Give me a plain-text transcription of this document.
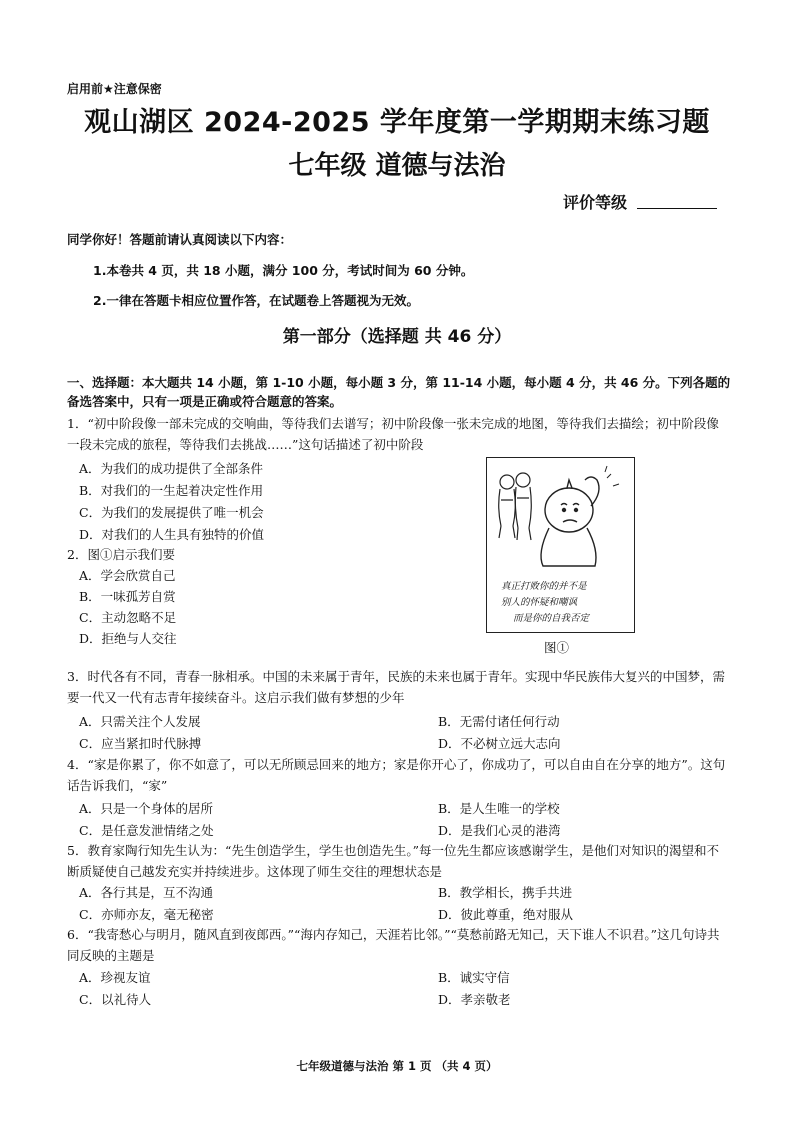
启用前★注意保密
观山湖区 2024-2025 学年度第一学期期末练习题
七年级 道德与法治
评价等级
同学你好！答题前请认真阅读以下内容：
1.本卷共 4 页，共 18 小题，满分 100 分，考试时间为 60 分钟。
2.一律在答题卡相应位置作答，在试题卷上答题视为无效。
第一部分（选择题 共 46 分）
一、选择题：本大题共 14 小题，第 1-10 小题，每小题 3 分，第 11-14 小题，每小题 4 分，共 46 分。下列各题的备选答案中，只有一项是正确或符合题意的答案。
1．“初中阶段像一部未完成的交响曲，等待我们去谱写；初中阶段像一张未完成的地图，等待我们去描绘；初中阶段像一段未完成的旅程，等待我们去挑战……”这句话描述了初中阶段
A．为我们的成功提供了全部条件
B．对我们的一生起着决定性作用
C．为我们的发展提供了唯一机会
D．对我们的人生具有独特的价值
2．图①启示我们要
A．学会欣赏自己
B．一味孤芳自赏
C．主动忽略不足
D．拒绝与人交往
真正打败你的并不是
别人的怀疑和嘲讽
而是你的自我否定
图①
3．时代各有不同，青春一脉相承。中国的未来属于青年，民族的未来也属于青年。实现中华民族伟大复兴的中国梦，需要一代又一代有志青年接续奋斗。这启示我们做有梦想的少年
A．只需关注个人发展	B．无需付诸任何行动
C．应当紧扣时代脉搏	D．不必树立远大志向
4．“家是你累了，你不如意了，可以无所顾忌回来的地方；家是你开心了，你成功了，可以自由自在分享的地方”。这句话告诉我们，“家”
A．只是一个身体的居所	B．是人生唯一的学校
C．是任意发泄情绪之处	D．是我们心灵的港湾
5．教育家陶行知先生认为：“先生创造学生，学生也创造先生。”每一位先生都应该感谢学生，是他们对知识的渴望和不断质疑使自己越发充实并持续进步。这体现了师生交往的理想状态是
A．各行其是，互不沟通	B．教学相长，携手共进
C．亦师亦友，毫无秘密	D．彼此尊重，绝对服从
6．“我寄愁心与明月，随风直到夜郎西。”“海内存知己，天涯若比邻。”“莫愁前路无知己，天下谁人不识君。”这几句诗共同反映的主题是
A．珍视友谊	B．诚实守信
C．以礼待人	D．孝亲敬老
七年级道德与法治 第 1 页 （共 4 页）
